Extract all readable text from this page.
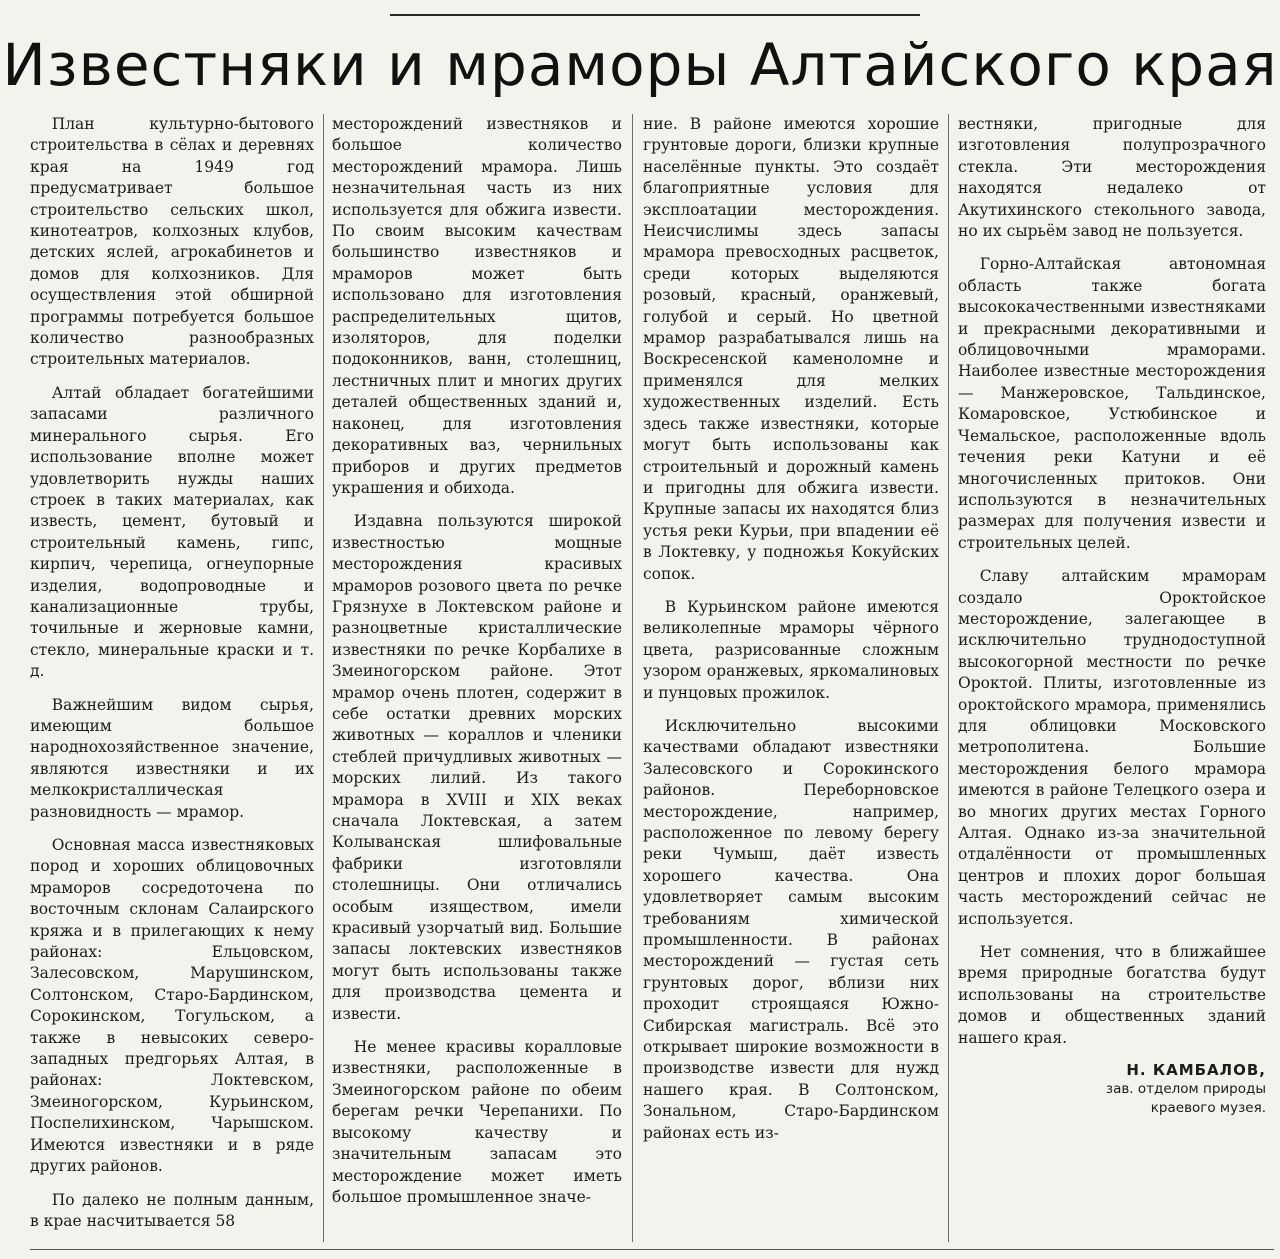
Известняки и мраморы Алтайского края

План культурно-бытового строительства в сёлах и деревнях края на 1949 год предусматривает большое строительство сельских школ, кинотеатров, колхозных клубов, детских яслей, агрокабинетов и домов для колхозников. Для осуществления этой обширной программы потребуется большое количество разнообразных строительных материалов.

Алтай обладает богатейшими запасами различного минерального сырья. Его использование вполне может удовлетворить нужды наших строек в таких материалах, как известь, цемент, бутовый и строительный камень, гипс, кирпич, черепица, огнеупорные изделия, водопроводные и канализационные трубы, точильные и жерновые камни, стекло, минеральные краски и т. д.

Важнейшим видом сырья, имеющим большое народнохозяйственное значение, являются известняки и их мелкокристаллическая разновидность — мрамор.

Основная масса известняковых пород и хороших облицовочных мраморов сосредоточена по восточным склонам Салаирского кряжа и в прилегающих к нему районах: Ельцовском, Залесовском, Марушинском, Солтонском, Старо-Бардинском, Сорокинском, Тогульском, а также в невысоких северо-западных предгорьях Алтая, в районах: Локтевском, Змеиногорском, Курьинском, Поспелихинском, Чарышском. Имеются известняки и в ряде других районов.

По далеко не полным данным, в крае насчитывается 58

месторождений известняков и большое количество месторождений мрамора. Лишь незначительная часть из них используется для обжига извести. По своим высоким качествам большинство известняков и мраморов может быть использовано для изготовления распределительных щитов, изоляторов, для поделки подоконников, ванн, столешниц, лестничных плит и многих других деталей общественных зданий и, наконец, для изготовления декоративных ваз, чернильных приборов и других предметов украшения и обихода.

Издавна пользуются широкой известностью мощные месторождения красивых мраморов розового цвета по речке Грязнухе в Локтевском районе и разноцветные кристаллические известняки по речке Корбалихе в Змеиногорском районе. Этот мрамор очень плотен, содержит в себе остатки древних морских животных — кораллов и членики стеблей причудливых животных — морских лилий. Из такого мрамора в XVIII и XIX веках сначала Локтевская, а затем Колыванская шлифовальные фабрики изготовляли столешницы. Они отличались особым изяществом, имели красивый узорчатый вид. Большие запасы локтевских известняков могут быть использованы также для производства цемента и извести.

Не менее красивы коралловые известняки, расположенные в Змеиногорском районе по обеим берегам речки Черепанихи. По высокому качеству и значительным запасам это месторождение может иметь большое промышленное значе-

ние. В районе имеются хорошие грунтовые дороги, близки крупные населённые пункты. Это создаёт благоприятные условия для эксплоатации месторождения. Неисчислимы здесь запасы мрамора превосходных расцветок, среди которых выделяются розовый, красный, оранжевый, голубой и серый. Но цветной мрамор разрабатывался лишь на Воскресенской каменоломне и применялся для мелких художественных изделий. Есть здесь также известняки, которые могут быть использованы как строительный и дорожный камень и пригодны для обжига извести. Крупные запасы их находятся близ устья реки Курьи, при впадении её в Локтевку, у подножья Кокуйских сопок.

В Курьинском районе имеются великолепные мраморы чёрного цвета, разрисованные сложным узором оранжевых, яркомалиновых и пунцовых прожилок.

Исключительно высокими качествами обладают известняки Залесовского и Сорокинского районов. Переборновское месторождение, например, расположенное по левому берегу реки Чумыш, даёт известь хорошего качества. Она удовлетворяет самым высоким требованиям химической промышленности. В районах месторождений — густая сеть грунтовых дорог, вблизи них проходит строящаяся Южно-Сибирская магистраль. Всё это открывает широкие возможности в производстве извести для нужд нашего края. В Солтонском, Зональном, Старо-Бардинском районах есть из-

вестняки, пригодные для изготовления полупрозрачного стекла. Эти месторождения находятся недалеко от Акутихинского стекольного завода, но их сырьём завод не пользуется.

Горно-Алтайская автономная область также богата высококачественными известняками и прекрасными декоративными и облицовочными мраморами. Наиболее известные месторождения — Манжеровское, Тальдинское, Комаровское, Устюбинское и Чемальское, расположенные вдоль течения реки Катуни и её многочисленных притоков. Они используются в незначительных размерах для получения извести и строительных целей.

Славу алтайским мраморам создало Ороктойское месторождение, залегающее в исключительно труднодоступной высокогорной местности по речке Ороктой. Плиты, изготовленные из ороктойского мрамора, применялись для облицовки Московского метрополитена. Большие месторождения белого мрамора имеются в районе Телецкого озера и во многих других местах Горного Алтая. Однако из-за значительной отдалённости от промышленных центров и плохих дорог большая часть месторождений сейчас не используется.

Нет сомнения, что в ближайшее время природные богатства будут использованы на строительстве домов и общественных зданий нашего края.

Н. КАМБАЛОВ,
зав. отделом природы
краевого музея.
